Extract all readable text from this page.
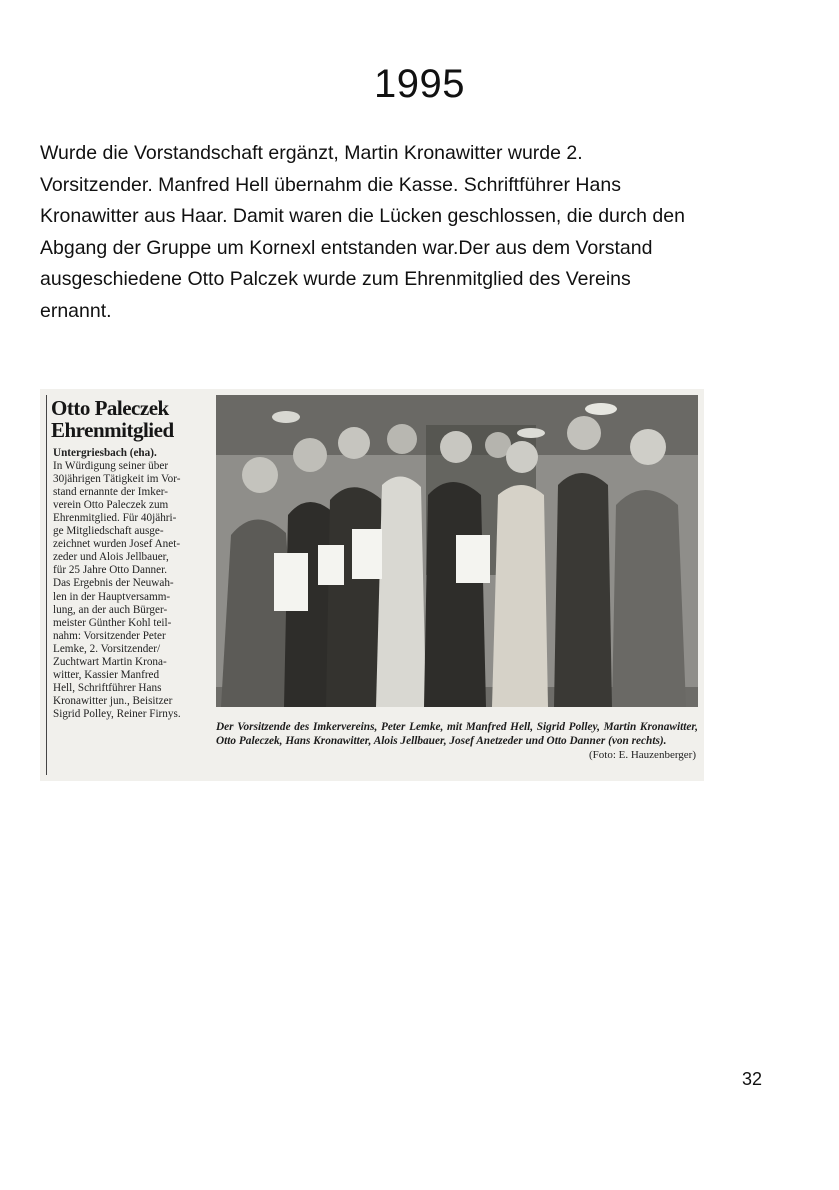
1995
Wurde die Vorstandschaft ergänzt, Martin Kronawitter wurde 2.
Vorsitzender. Manfred Hell übernahm die Kasse. Schriftführer Hans
Kronawitter aus Haar. Damit waren die Lücken geschlossen, die durch den
Abgang der Gruppe um Kornexl entstanden war.Der aus dem Vorstand
ausgeschiedene Otto Palczek wurde zum Ehrenmitglied des Vereins
ernannt.
Otto Paleczek
Ehrenmitglied
Untergriesbach (eha).
In Würdigung seiner über
30jährigen Tätigkeit im Vor-
stand ernannte der Imker-
verein Otto Paleczek zum
Ehrenmitglied. Für 40jähri-
ge Mitgliedschaft ausge-
zeichnet wurden Josef Anet-
zeder und Alois Jellbauer,
für 25 Jahre Otto Danner.
Das Ergebnis der Neuwah-
len in der Hauptversamm-
lung, an der auch Bürger-
meister Günther Kohl teil-
nahm: Vorsitzender Peter
Lemke, 2. Vorsitzender/
Zuchtwart Martin Krona-
witter, Kassier Manfred
Hell, Schriftführer Hans
Kronawitter jun., Beisitzer
Sigrid Polley, Reiner Firnys.
Der Vorsitzende des Imkervereins, Peter Lemke, mit Manfred Hell, Sigrid Polley, Martin Kronawitter, Otto Paleczek, Hans Kronawitter, Alois Jellbauer, Josef Anetzeder und Otto Danner (von rechts).
(Foto: E. Hauzenberger)
32
